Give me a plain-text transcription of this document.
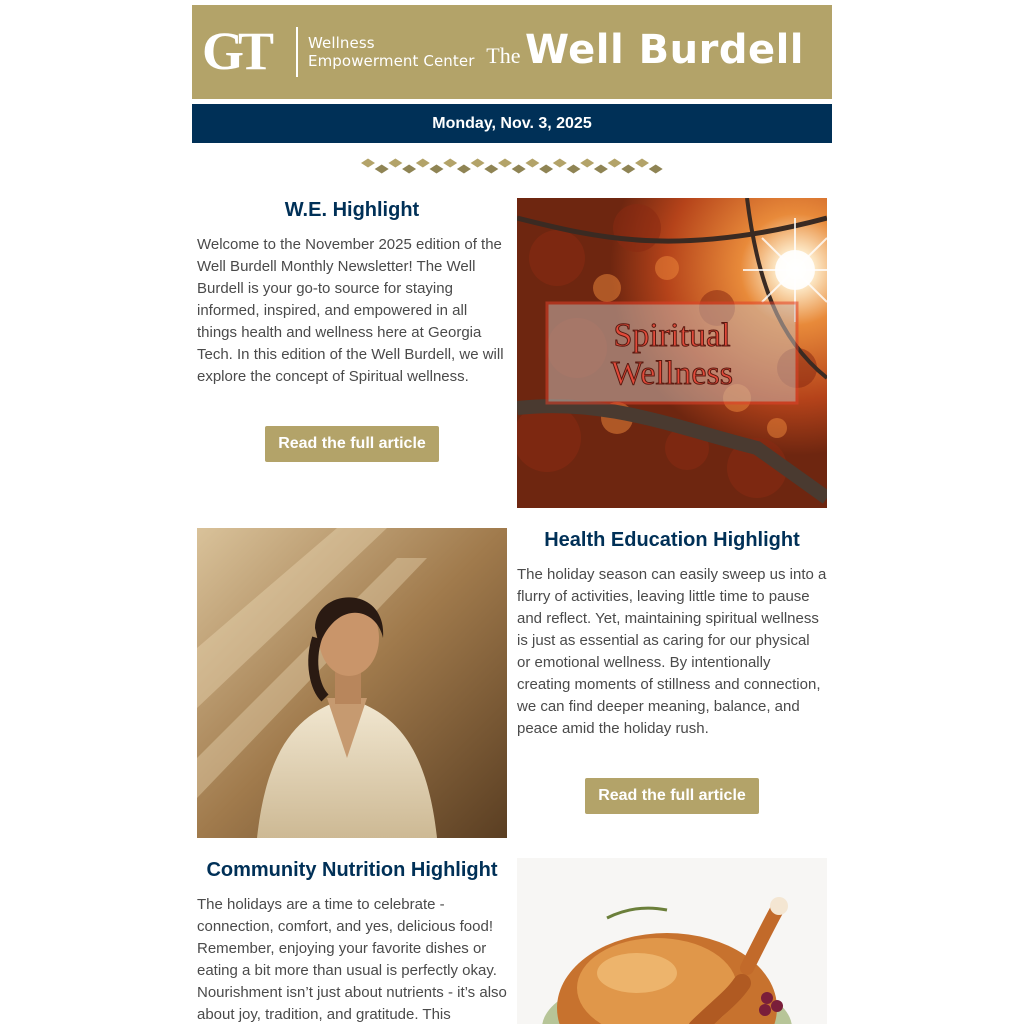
GT	Wellness
Empowerment Center The Well Burdell
Monday, Nov. 3, 2025
W.E. Highlight
Welcome to the November 2025 edition of the Well Burdell Monthly Newsletter! The Well Burdell is your go-to source for staying informed, inspired, and empowered in all things health and wellness here at Georgia Tech. In this edition of the Well Burdell, we will explore the concept of Spiritual wellness.
Read the full article
Spiritual
Wellness
Health Education Highlight
The holiday season can easily sweep us into a flurry of activities, leaving little time to pause and reflect. Yet, maintaining spiritual wellness is just as essential as caring for our physical or emotional wellness. By intentionally creating moments of stillness and connection, we can find deeper meaning, balance, and peace amid the holiday rush.
Read the full article
Community Nutrition Highlight
The holidays are a time to celebrate - connection, comfort, and yes, delicious food! Remember, enjoying your favorite dishes or eating a bit more than usual is perfectly okay. Nourishment isn’t just about nutrients - it’s also about joy, tradition, and gratitude. This
